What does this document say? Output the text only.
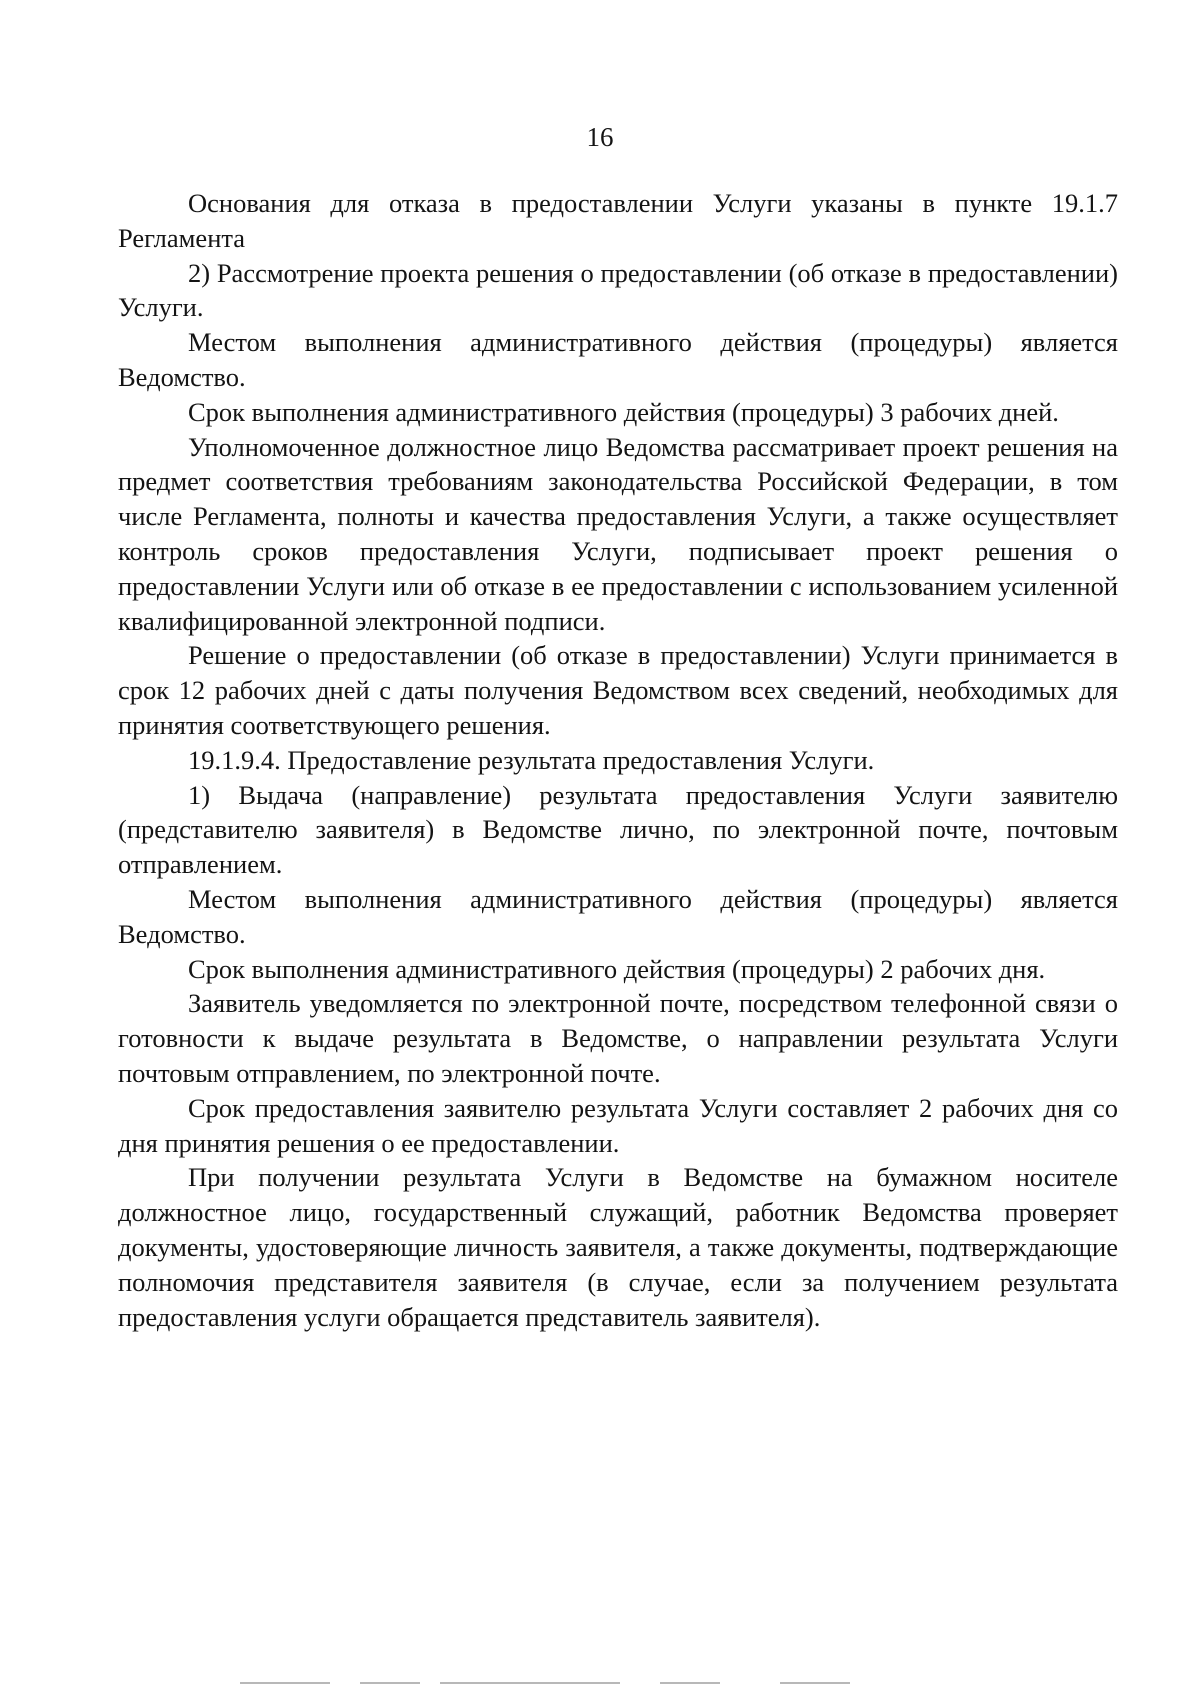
16

Основания для отказа в предоставлении Услуги указаны в пункте 19.1.7 Регламента

2) Рассмотрение проекта решения о предоставлении (об отказе в предоставлении) Услуги.

Местом выполнения административного действия (процедуры) является Ведомство.

Срок выполнения административного действия (процедуры) 3 рабочих дней.

Уполномоченное должностное лицо Ведомства рассматривает проект решения на предмет соответствия требованиям законодательства Российской Федерации, в том числе Регламента, полноты и качества предоставления Услуги, а также осуществляет контроль сроков предоставления Услуги, подписывает проект решения о предоставлении Услуги или об отказе в ее предоставлении с использованием усиленной квалифицированной электронной подписи.

Решение о предоставлении (об отказе в предоставлении) Услуги принимается в срок 12 рабочих дней с даты получения Ведомством всех сведений, необходимых для принятия соответствующего решения.

19.1.9.4. Предоставление результата предоставления Услуги.

1) Выдача (направление) результата предоставления Услуги заявителю (представителю заявителя) в Ведомстве лично, по электронной почте, почтовым отправлением.

Местом выполнения административного действия (процедуры) является Ведомство.

Срок выполнения административного действия (процедуры) 2 рабочих дня.

Заявитель уведомляется по электронной почте, посредством телефонной связи о готовности к выдаче результата в Ведомстве, о направлении результата Услуги почтовым отправлением, по электронной почте.

Срок предоставления заявителю результата Услуги составляет 2 рабочих дня со дня принятия решения о ее предоставлении.

При получении результата Услуги в Ведомстве на бумажном носителе должностное лицо, государственный служащий, работник Ведомства проверяет документы, удостоверяющие личность заявителя, а также документы, подтверждающие полномочия представителя заявителя (в случае, если за получением результата предоставления услуги обращается представитель заявителя).
